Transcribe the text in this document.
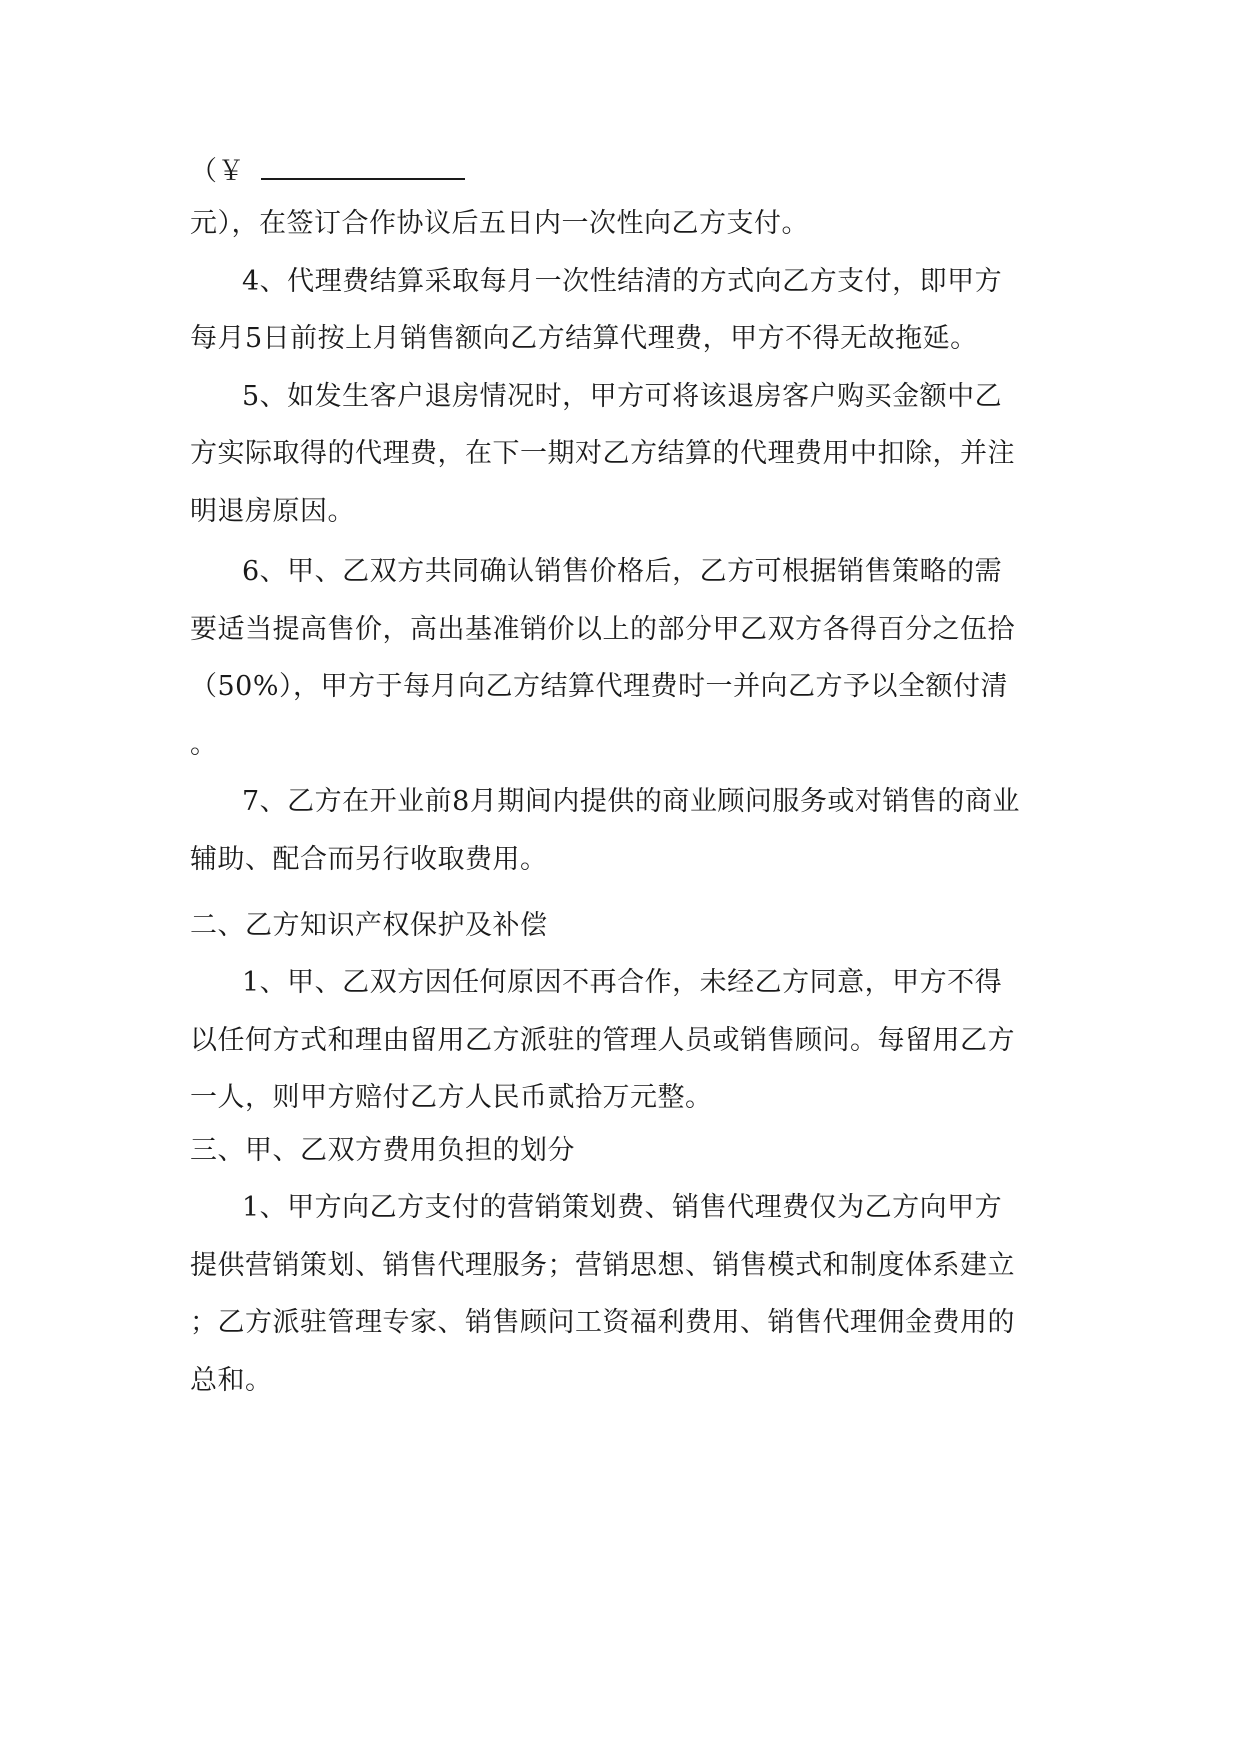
（￥
元），在签订合作协议后五日内一次性向乙方支付。
4、代理费结算采取每月一次性结清的方式向乙方支付，即甲方
每月5日前按上月销售额向乙方结算代理费，甲方不得无故拖延。
5、如发生客户退房情况时，甲方可将该退房客户购买金额中乙
方实际取得的代理费，在下一期对乙方结算的代理费用中扣除，并注
明退房原因。
6、甲、乙双方共同确认销售价格后，乙方可根据销售策略的需
要适当提高售价，高出基准销价以上的部分甲乙双方各得百分之伍拾
（50%），甲方于每月向乙方结算代理费时一并向乙方予以全额付清
。
7、乙方在开业前8月期间内提供的商业顾问服务或对销售的商业
辅助、配合而另行收取费用。
二、乙方知识产权保护及补偿
1、甲、乙双方因任何原因不再合作，未经乙方同意，甲方不得
以任何方式和理由留用乙方派驻的管理人员或销售顾问。每留用乙方
一人，则甲方赔付乙方人民币贰拾万元整。
三、甲、乙双方费用负担的划分
1、甲方向乙方支付的营销策划费、销售代理费仅为乙方向甲方
提供营销策划、销售代理服务；营销思想、销售模式和制度体系建立
；乙方派驻管理专家、销售顾问工资福利费用、销售代理佣金费用的
总和。
